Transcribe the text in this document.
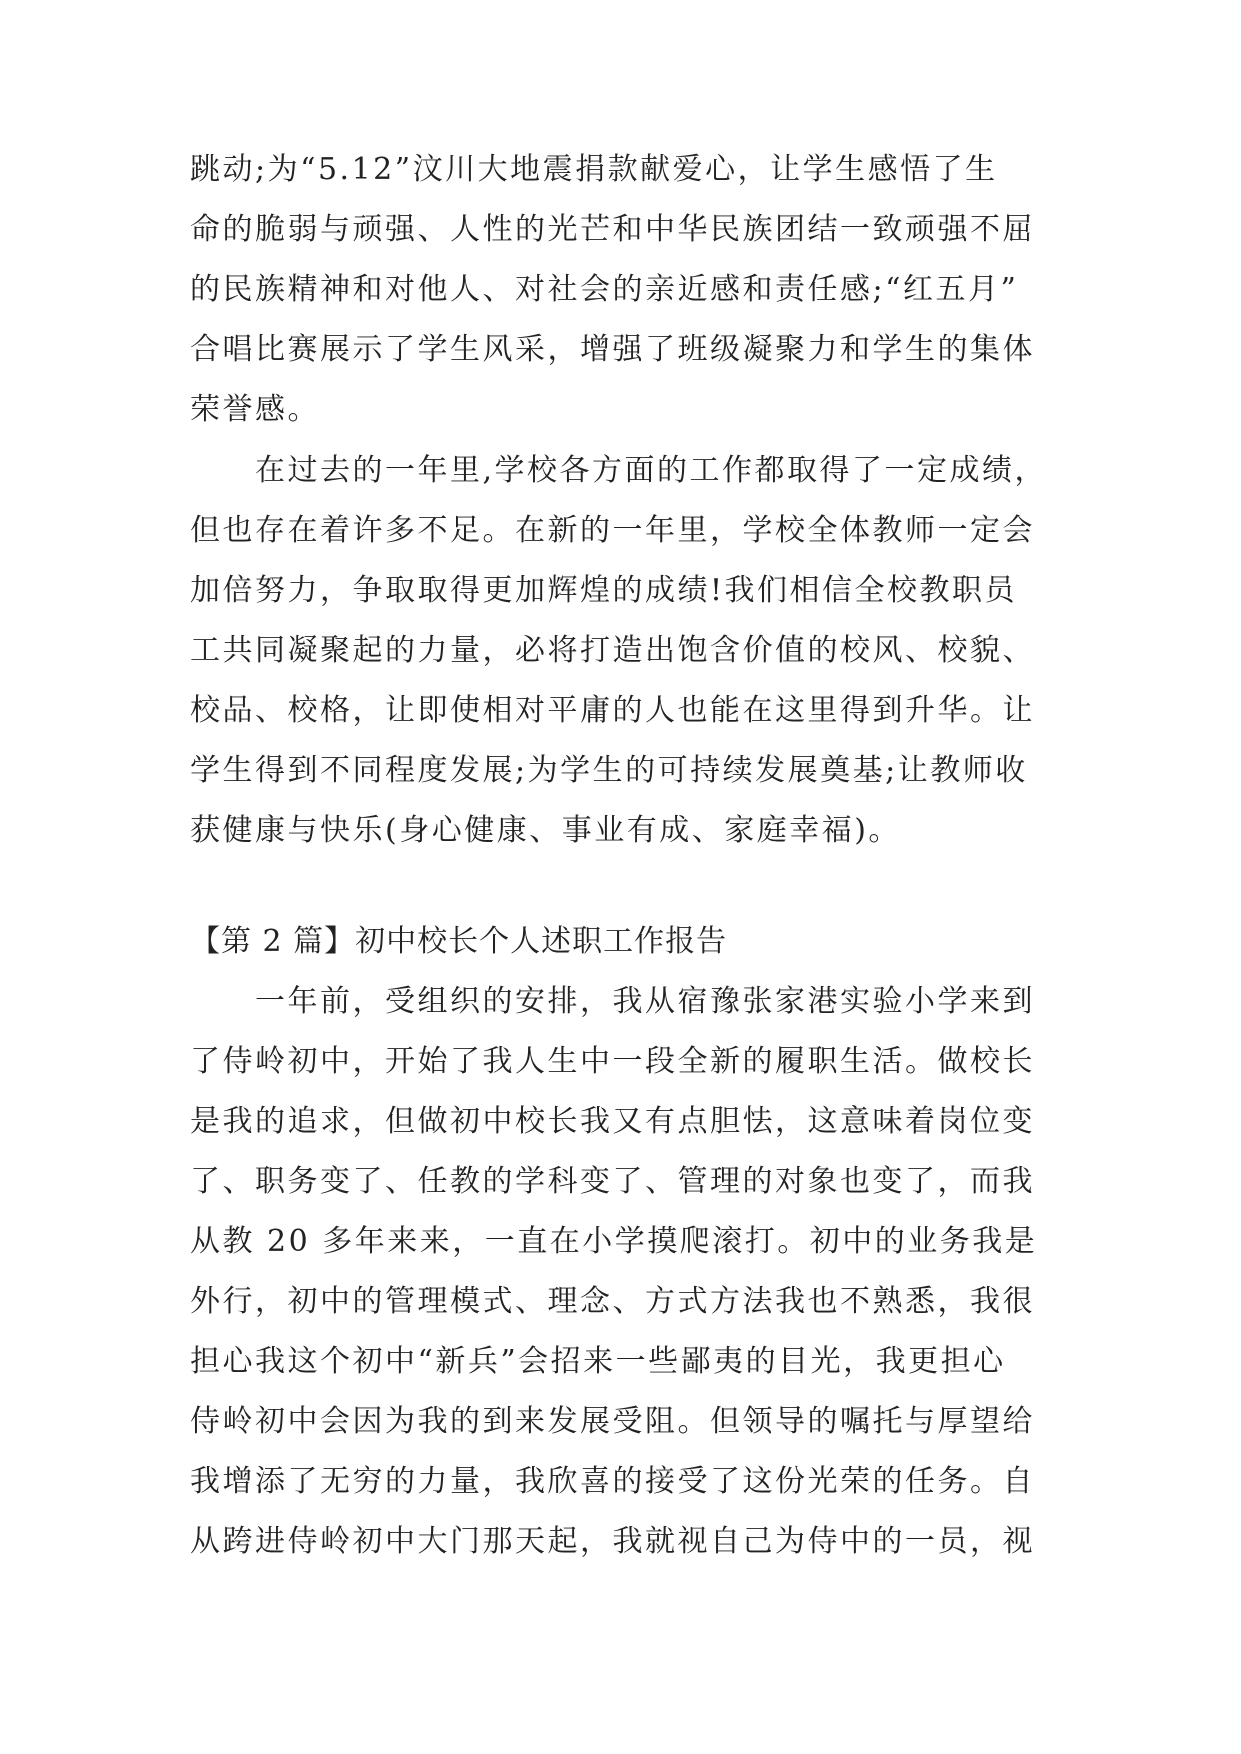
跳动;为“5.12”汶川大地震捐款献爱心，让学生感悟了生
命的脆弱与顽强、人性的光芒和中华民族团结一致顽强不屈
的民族精神和对他人、对社会的亲近感和责任感;“红五月”
合唱比赛展示了学生风采，增强了班级凝聚力和学生的集体
荣誉感。
在过去的一年里,学校各方面的工作都取得了一定成绩，
但也存在着许多不足。在新的一年里，学校全体教师一定会
加倍努力，争取取得更加辉煌的成绩!我们相信全校教职员
工共同凝聚起的力量，必将打造出饱含价值的校风、校貌、
校品、校格，让即使相对平庸的人也能在这里得到升华。让
学生得到不同程度发展;为学生的可持续发展奠基;让教师收
获健康与快乐(身心健康、事业有成、家庭幸福)。
【第 2 篇】初中校长个人述职工作报告
一年前，受组织的安排，我从宿豫张家港实验小学来到
了侍岭初中，开始了我人生中一段全新的履职生活。做校长
是我的追求，但做初中校长我又有点胆怯，这意味着岗位变
了、职务变了、任教的学科变了、管理的对象也变了，而我
从教 20 多年来来，一直在小学摸爬滚打。初中的业务我是
外行，初中的管理模式、理念、方式方法我也不熟悉，我很
担心我这个初中“新兵”会招来一些鄙夷的目光，我更担心
侍岭初中会因为我的到来发展受阻。但领导的嘱托与厚望给
我增添了无穷的力量，我欣喜的接受了这份光荣的任务。自
从跨进侍岭初中大门那天起，我就视自己为侍中的一员，视
